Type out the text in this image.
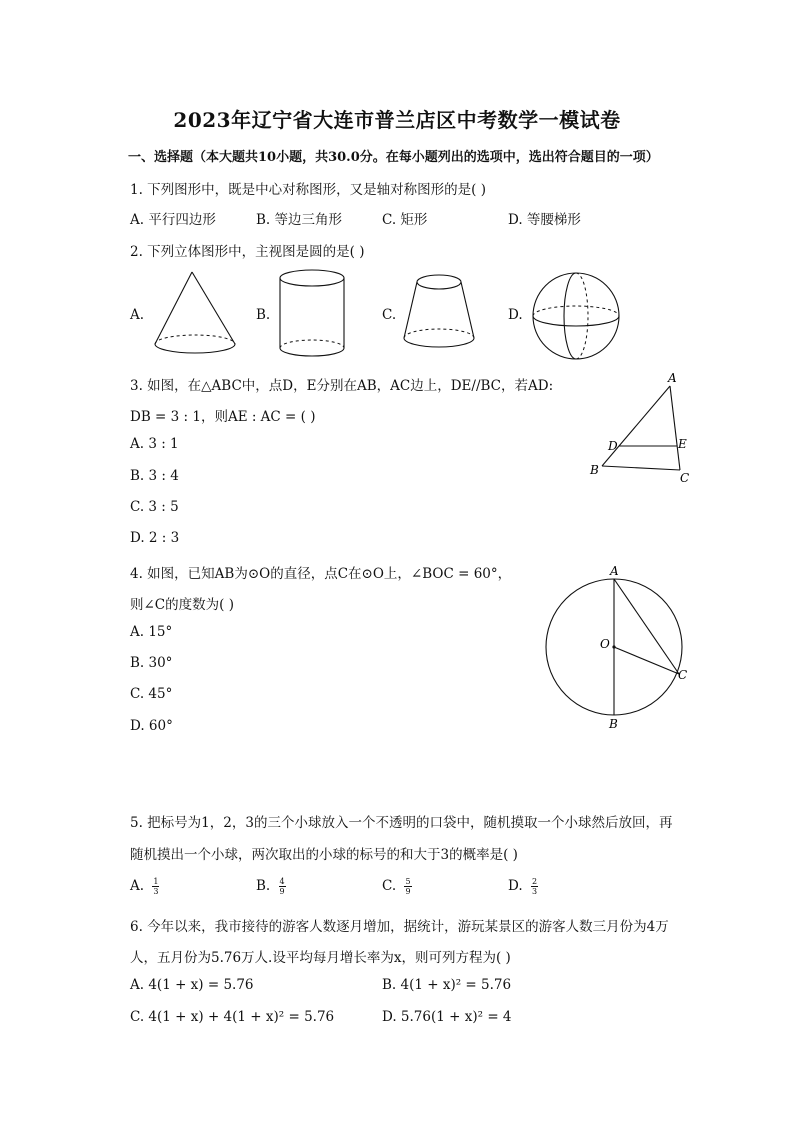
2023年辽宁省大连市普兰店区中考数学一模试卷
一、选择题（本大题共10小题，共30.0分。在每小题列出的选项中，选出符合题目的一项）
1. 下列图形中，既是中心对称图形，又是轴对称图形的是( )
A. 平行四边形	B. 等边三角形	C. 矩形	D. 等腰梯形
2. 下列立体图形中，主视图是圆的是( )
A.	B.	C.	D.
3. 如图，在△ABC中，点D，E分别在AB，AC边上，DE//BC，若AD:
DB = 3 : 1，则AE : AC = ( )
A. 3 : 1
B. 3 : 4
C. 3 : 5
D. 2 : 3
A
D	E
B
C
4. 如图，已知AB为⊙O的直径，点C在⊙O上，∠BOC = 60°，
则∠C的度数为( )
A. 15°
B. 30°
C. 45°
D. 60°
A
O
C
B
5. 把标号为1，2，3的三个小球放入一个不透明的口袋中，随机摸取一个小球然后放回，再
随机摸出一个小球，两次取出的小球的标号的和大于3的概率是( )
A. $\frac{1}{3}$	B. $\frac{4}{9}$	C. $\frac{5}{9}$	D. $\frac{2}{3}$
6. 今年以来，我市接待的游客人数逐月增加，据统计，游玩某景区的游客人数三月份为4万
人，五月份为5.76万人.设平均每月增长率为x，则可列方程为( )
A. 4(1 + x) = 5.76	B. 4(1 + x)² = 5.76
C. 4(1 + x) + 4(1 + x)² = 5.76	D. 5.76(1 + x)² = 4
